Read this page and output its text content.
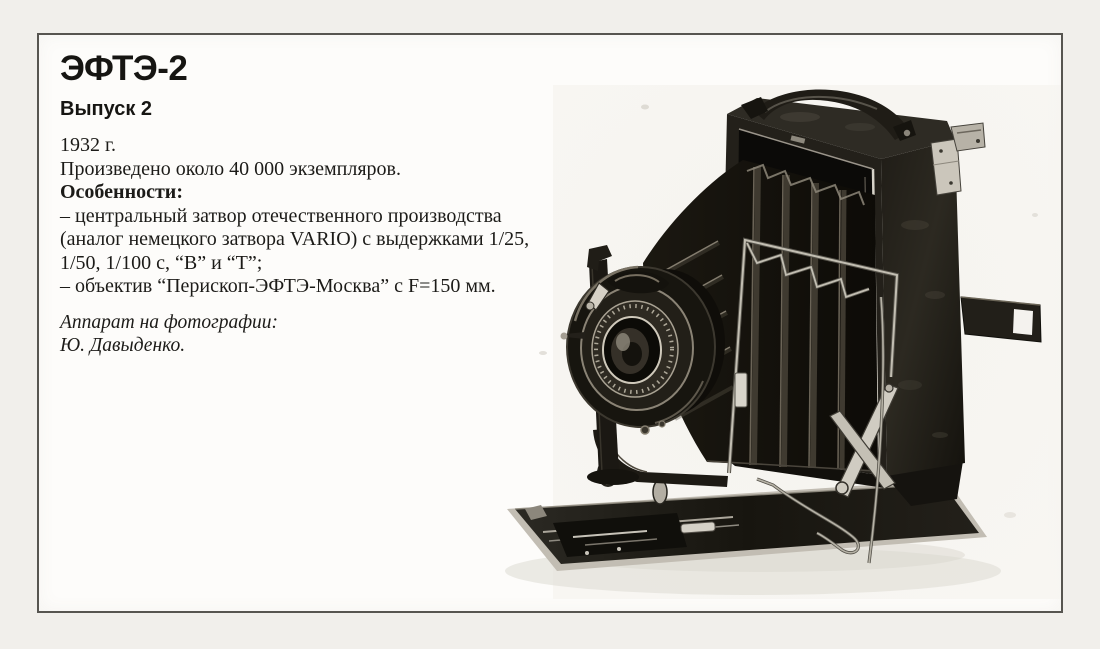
ЭФТЭ-2
Выпуск 2
1932 г.
Произведено около 40 000 экземпляров.
Особенности:
– центральный затвор отечественного производства
(аналог немецкого затвора VARIO) с выдержками 1/25,
1/50, 1/100 с, “B” и “T”;
– объектив “Перископ-ЭФТЭ-Москва” с F=150 мм.
Аппарат на фотографии:
Ю. Давыденко.
